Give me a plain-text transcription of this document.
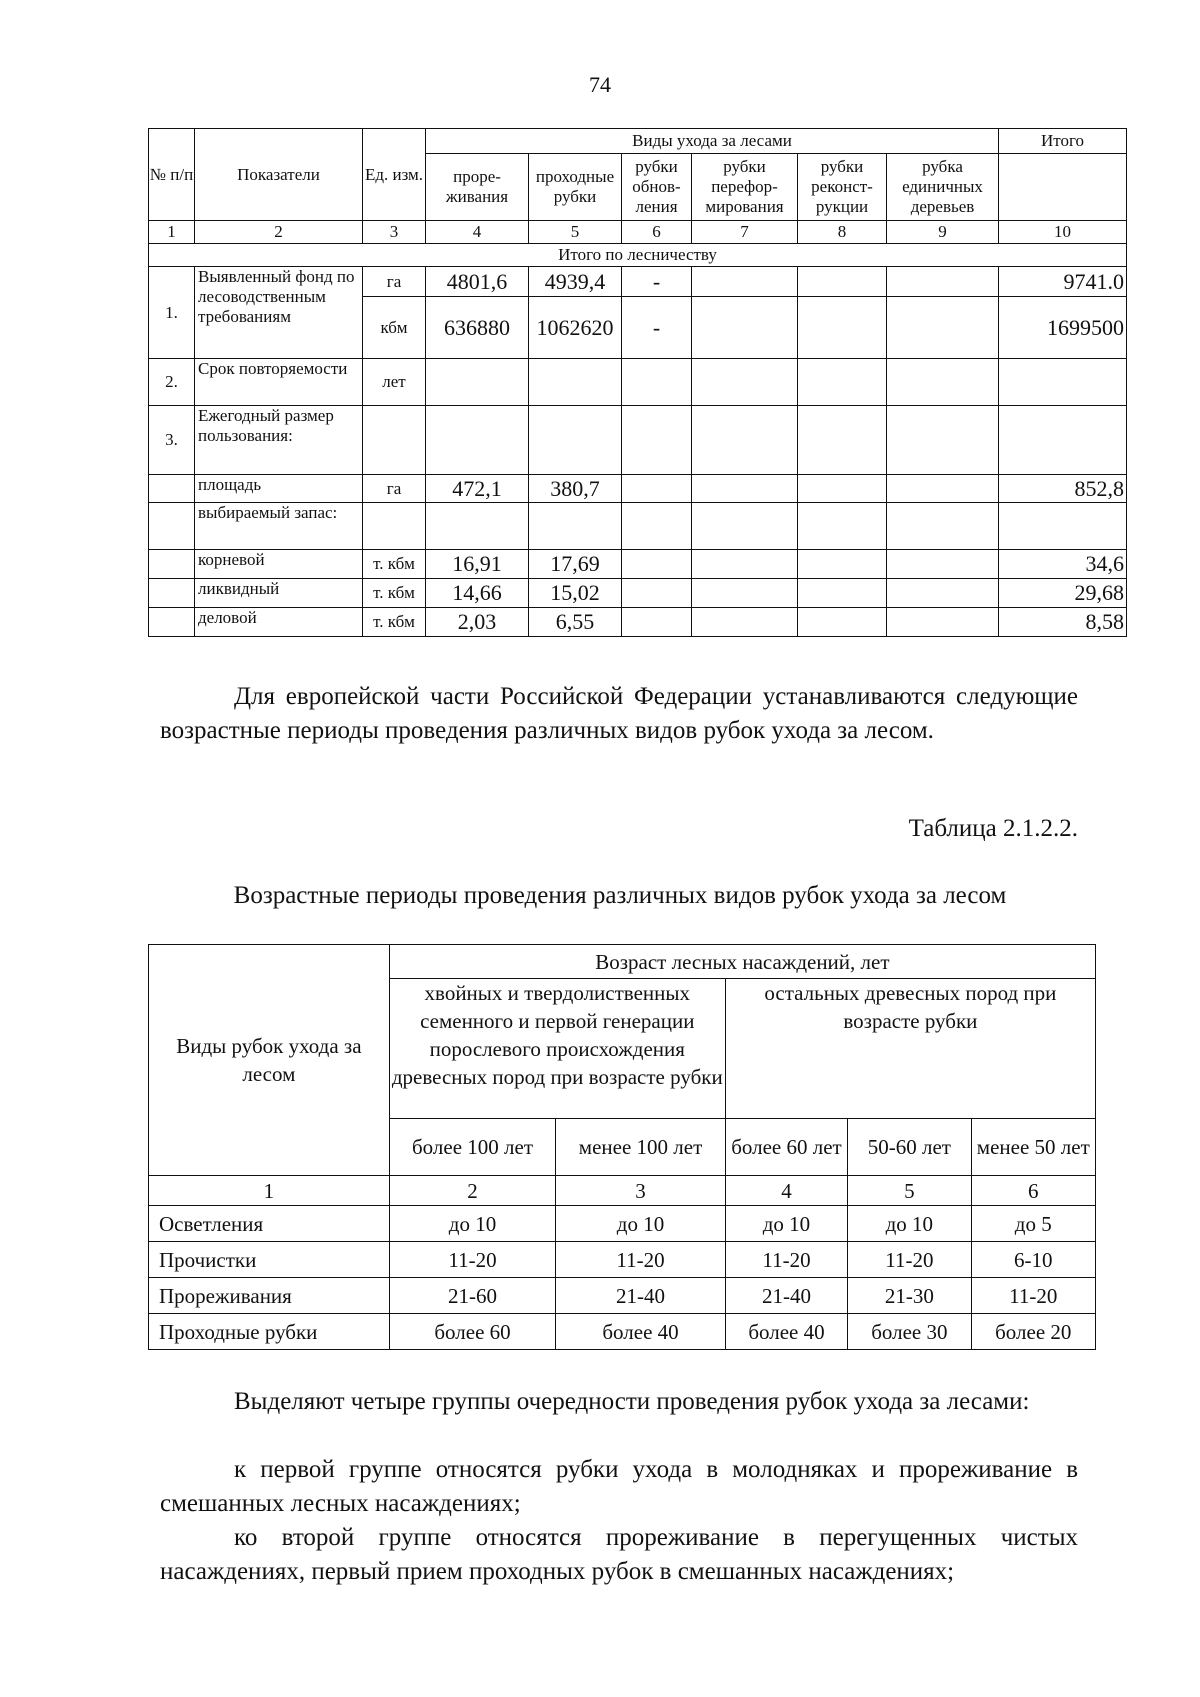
74
№ п/п	Показатели	Ед. изм.	Виды ухода за лесами						Итого
			проре-живания	проходные рубки	рубки обнов-ления	рубки перефор-мирования	рубки реконст-рукции	рубка единичных деревьев	
1	2	3	4	5	6	7	8	9	10
Итого по лесничеству									
1.	Выявленный фонд по лесоводственным требованиям	га	4801,6	4939,4	-				9741.0
		кбм	636880	1062620	-				1699500
2.	Срок повторяемости	лет							
3.	Ежегодный размер пользования:								
	площадь	га	472,1	380,7					852,8
	выбираемый запас:								
	корневой	т. кбм	16,91	17,69					34,6
	ликвидный	т. кбм	14,66	15,02					29,68
	деловой	т. кбм	2,03	6,55					8,58
Для европейской части Российской Федерации устанавливаются следующие возрастные периоды проведения различных видов рубок ухода за лесом.
Таблица 2.1.2.2.
Возрастные периоды проведения различных видов рубок ухода за лесом
Виды рубок ухода за лесом	Возраст лесных насаждений, лет				
	хвойных и твердолиственных семенного и первой генерации порослевого происхождения древесных пород при возрасте рубки		остальных древесных пород при возрасте рубки		
	более 100 лет	менее 100 лет	более 60 лет	50-60 лет	менее 50 лет
1	2	3	4	5	6
Осветления	до 10	до 10	до 10	до 10	до 5
Прочистки	11-20	11-20	11-20	11-20	6-10
Прореживания	21-60	21-40	21-40	21-30	11-20
Проходные рубки	более 60	более 40	более 40	более 30	более 20
Выделяют четыре группы очередности проведения рубок ухода за лесами:
к первой группе относятся рубки ухода в молодняках и прореживание в смешанных лесных насаждениях;
ко второй группе относятся прореживание в перегущенных чистых насаждениях, первый прием проходных рубок в смешанных насаждениях;
